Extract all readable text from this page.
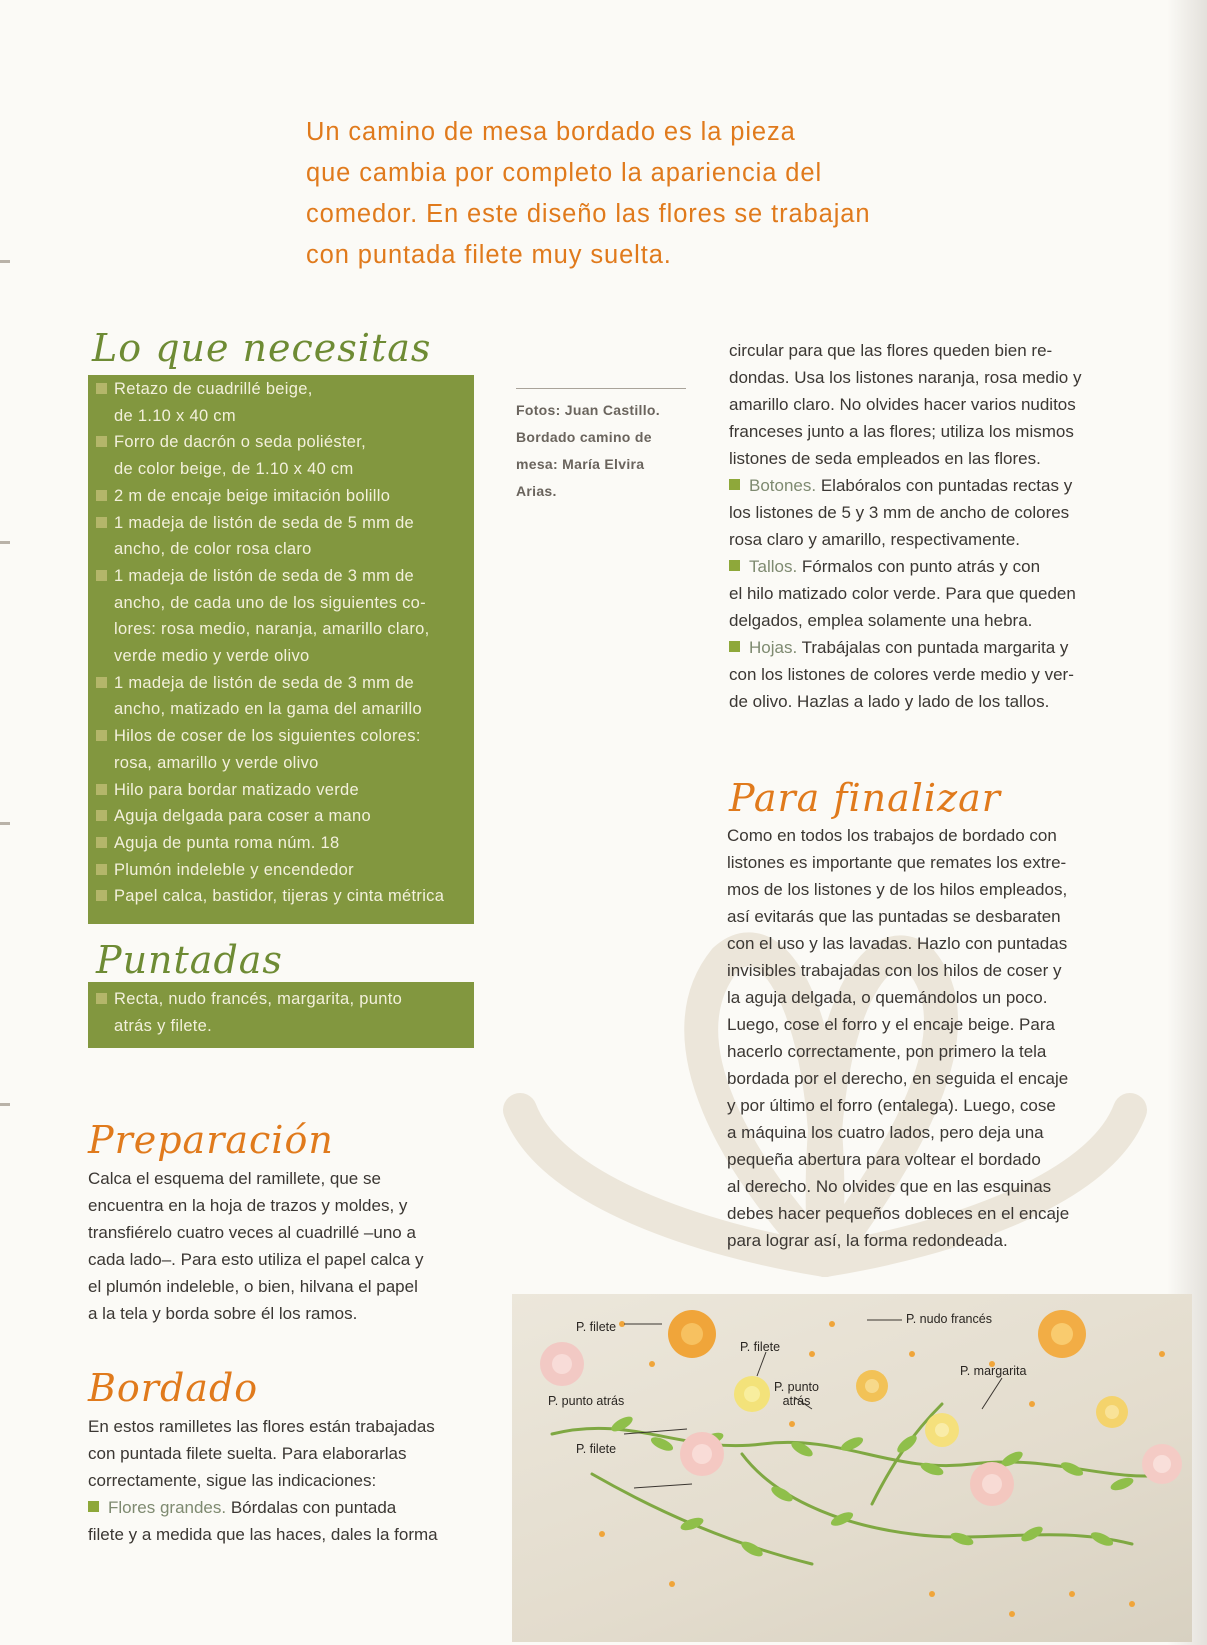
Un camino de mesa bordado es la pieza
que cambia por completo la apariencia del
comedor. En este diseño las flores se trabajan
con puntada filete muy suelta.
Lo que necesitas
Retazo de cuadrillé beige,
de 1.10 x 40 cm
Forro de dacrón o seda poliéster,
de color beige, de 1.10 x 40 cm
2 m de encaje beige imitación bolillo
1 madeja de listón de seda de 5 mm de
ancho, de color rosa claro
1 madeja de listón de seda de 3 mm de
ancho, de cada uno de los siguientes co-
lores: rosa medio, naranja, amarillo claro,
verde medio y verde olivo
1 madeja de listón de seda de 3 mm de
ancho, matizado en la gama del amarillo
Hilos de coser de los siguientes colores:
rosa, amarillo y verde olivo
Hilo para bordar matizado verde
Aguja delgada para coser a mano
Aguja de punta roma núm. 18
Plumón indeleble y encendedor
Papel calca, bastidor, tijeras y cinta métrica
Puntadas
Recta, nudo francés, margarita, punto
atrás y filete.
Fotos: Juan Castillo.
Bordado camino de
mesa: María Elvira
Arias.
Preparación
Calca el esquema del ramillete, que se
encuentra en la hoja de trazos y moldes, y
transfiérelo cuatro veces al cuadrillé –uno a
cada lado–. Para esto utiliza el papel calca y
el plumón indeleble, o bien, hilvana el papel
a la tela y borda sobre él los ramos.
Bordado
En estos ramilletes las flores están trabajadas
con puntada filete suelta. Para elaborarlas
correctamente, sigue las indicaciones:
Flores grandes. Bórdalas con puntada
filete y a medida que las haces, dales la forma
circular para que las flores queden bien re-
dondas. Usa los listones naranja, rosa medio y
amarillo claro. No olvides hacer varios nuditos
franceses junto a las flores; utiliza los mismos
listones de seda empleados en las flores.
Botones. Elabóralos con puntadas rectas y
los listones de 5 y 3 mm de ancho de colores
rosa claro y amarillo, respectivamente.
Tallos. Fórmalos con punto atrás y con
el hilo matizado color verde. Para que queden
delgados, emplea solamente una hebra.
Hojas. Trabájalas con puntada margarita y
con los listones de colores verde medio y ver-
de olivo. Hazlas a lado y lado de los tallos.
Para finalizar
Como en todos los trabajos de bordado con
listones es importante que remates los extre-
mos de los listones y de los hilos empleados,
así evitarás que las puntadas se desbaraten
con el uso y las lavadas. Hazlo con puntadas
invisibles trabajadas con los hilos de coser y
la aguja delgada, o quemándolos un poco.
Luego, cose el forro y el encaje beige. Para
hacerlo correctamente, pon primero la tela
bordada por el derecho, en seguida el encaje
y por último el forro (entalega). Luego, cose
a máquina los cuatro lados, pero deja una
pequeña abertura para voltear el bordado
al derecho. No olvides que en las esquinas
debes hacer pequeños dobleces en el encaje
para lograr así, la forma redondeada.
P. filete
P. nudo francés
P. filete
P. margarita
P. punto atrás
P. punto
atrás
P. filete
